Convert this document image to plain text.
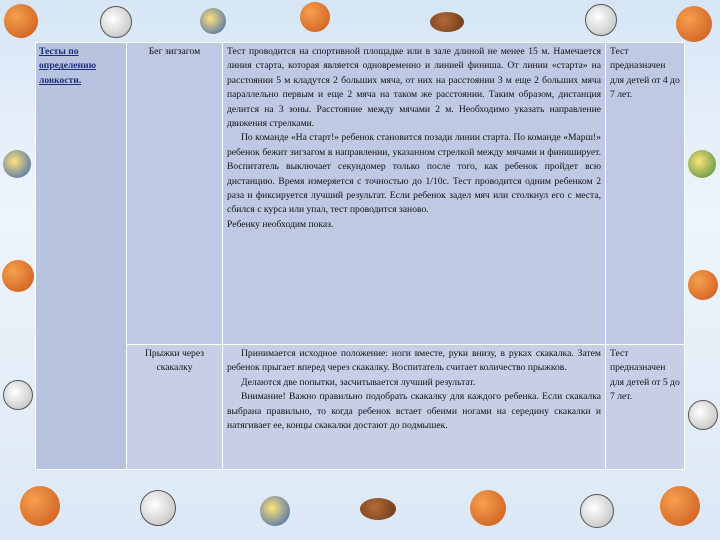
Тесты по определению ловкости.
Бег зигзагом	Тест проводится на спортивной площадке или в зале длиной не менее 15 м. Намечается линия старта, которая является одновременно и линией финиша. От линии «старта» на расстоянии 5 м кладутся 2 больших мяча, от них на расстоянии 3 м еще 2 больших мяча параллельно первым и еще 2 мяча на таком же расстоянии. Таким образом, дистанция делится на 3 зоны. Расстояние между мячами 2 м. Необходимо указать направление движения стрелками.

По команде «На старт!» ребенок становится позади линии старта. По команде «Марш!» ребенок бежит зигзагом в направлении, указанном стрелкой между мячами и финиширует. Воспитатель выключает секундомер только после того, как ребенок пройдет всю дистанцию. Время измеряется с точностью до 1/10с. Тест проводится одним ребенком 2 раза и фиксируется лучший результат. Если ребенок задел мяч или столкнул его с места, сбился с курса или упал, тест проводится заново.

Ребенку необходим показ.

Тест предназначен для детей от 4 до 7 лет.
Прыжки через скакалку

Принимается исходное положение: ноги вместе, руки внизу, в руках скакалка. Затем ребенок прыгает вперед через скакалку. Воспитатель считает количество прыжков.

Делаются две попытки, засчитывается лучший результат.

Внимание! Важно правильно подобрать скакалку для каждого ребенка. Если скакалка выбрана правильно, то когда ребенок встает обеими ногами на середину скакалки и натягивает ее, концы скакалки достают до подмышек.

Тест предназначен для детей от 5 до 7 лет.
